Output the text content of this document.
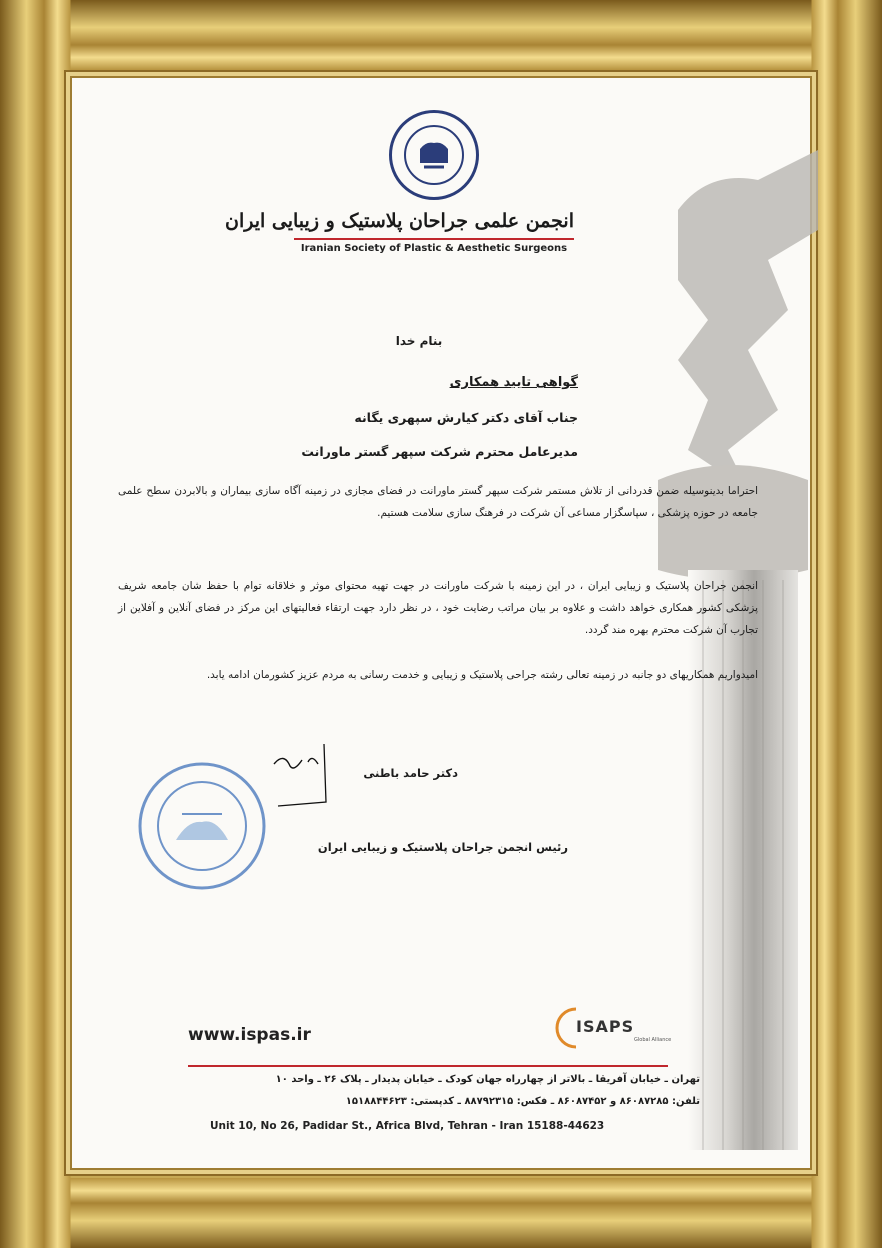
انجمن علمی جراحان پلاستیک و زیبایی ایران
Iranian Society of Plastic & Aesthetic Surgeons
بنام خدا
گواهی تایید همکاری
جناب آقای دکتر کیارش سپهری یگانه
مدیرعامل محترم شرکت سپهر گستر ماورانت
احتراما بدینوسیله ضمن قدردانی از تلاش مستمر شرکت سپهر گستر ماورانت در فضای مجازی در زمینه آگاه سازی بیماران و بالابردن سطح علمی جامعه در حوزه پزشکی ، سپاسگزار مساعی آن شرکت در فرهنگ سازی سلامت هستیم.
انجمن جراحان پلاستیک و زیبایی ایران ، در این زمینه با شرکت ماورانت در جهت تهیه محتوای موثر و خلاقانه توام با حفظ شان جامعه شریف پزشکی کشور همکاری خواهد داشت و علاوه بر بیان مراتب رضایت خود ، در نظر دارد جهت ارتقاء فعالیتهای این مرکز در فضای آنلاین و آفلاین از تجارب آن شرکت محترم بهره مند گردد.
امیدواریم همکاریهای دو جانبه در زمینه تعالی رشته جراحی پلاستیک و زیبایی و خدمت رسانی به مردم عزیز کشورمان ادامه یابد.
دکتر حامد باطنی
رئیس انجمن جراحان پلاستیک و زیبایی ایران
www.ispas.ir	ISAPS
Global Alliance
تهران ـ خیابان آفریقا ـ بالاتر از چهارراه جهان کودک ـ خیابان پدیدار ـ پلاک ۲۶ ـ واحد ۱۰
تلفن: ۸۶۰۸۷۲۸۵ و ۸۶۰۸۷۴۵۲ ـ فکس: ۸۸۷۹۲۳۱۵ ـ کدپستی: ۱۵۱۸۸۴۴۶۲۳
Unit 10, No 26, Padidar St., Africa Blvd, Tehran - Iran 15188-44623
